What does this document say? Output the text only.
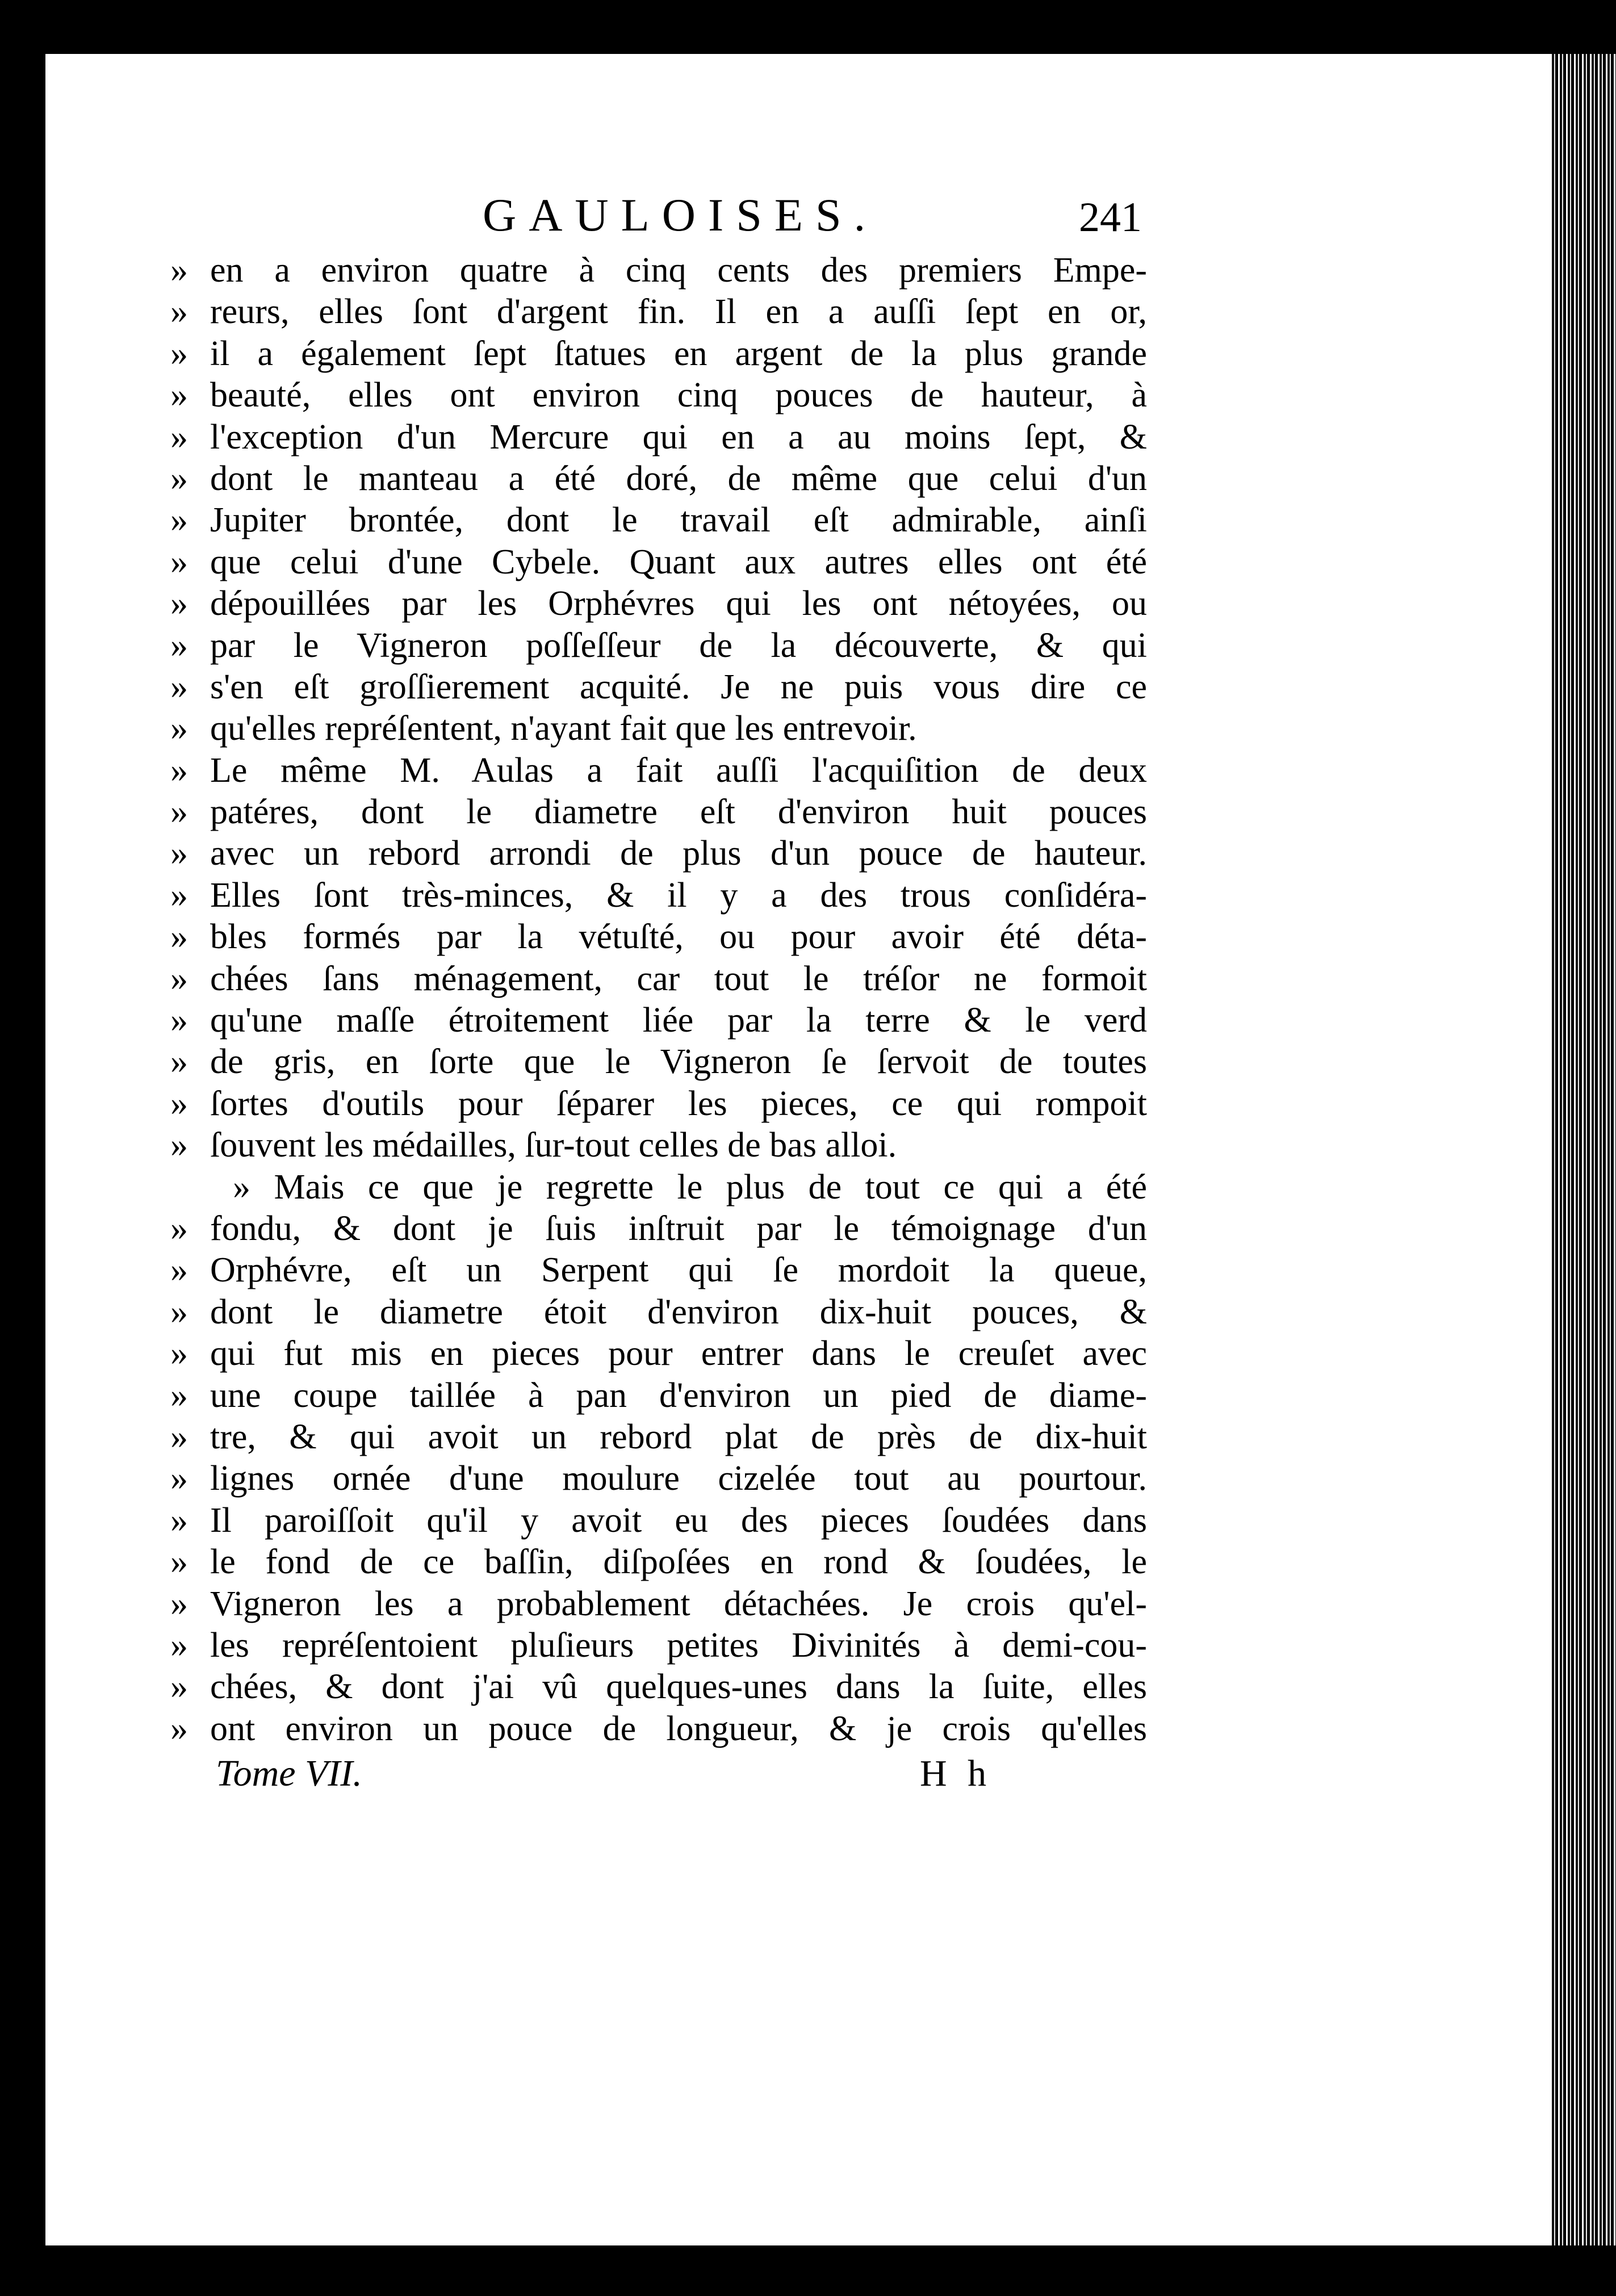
GAULOISES.	241
» en a environ quatre à cinq cents des premiers Empe-
» reurs, elles ſont d'argent fin. Il en a auſſi ſept en or,
» il a également ſept ſtatues en argent de la plus grande
» beauté, elles ont environ cinq pouces de hauteur, à
» l'exception d'un Mercure qui en a au moins ſept, &
» dont le manteau a été doré, de même que celui d'un
» Jupiter brontée, dont le travail eſt admirable, ainſi
» que celui d'une Cybele. Quant aux autres elles ont été
» dépouillées par les Orphévres qui les ont nétoyées, ou
» par le Vigneron poſſeſſeur de la découverte, & qui
» s'en eſt groſſierement acquité. Je ne puis vous dire ce
» qu'elles repréſentent, n'ayant fait que les entrevoir.
» Le même M. Aulas a fait auſſi l'acquiſition de deux
» patéres, dont le diametre eſt d'environ huit pouces
» avec un rebord arrondi de plus d'un pouce de hauteur.
» Elles ſont très-minces, & il y a des trous conſidéra-
» bles formés par la vétuſté, ou pour avoir été déta-
» chées ſans ménagement, car tout le tréſor ne formoit
» qu'une maſſe étroitement liée par la terre & le verd
» de gris, en ſorte que le Vigneron ſe ſervoit de toutes
» ſortes d'outils pour ſéparer les pieces, ce qui rompoit
» ſouvent les médailles, ſur-tout celles de bas alloi.
» Mais ce que je regrette le plus de tout ce qui a été
» fondu, & dont je ſuis inſtruit par le témoignage d'un
» Orphévre, eſt un Serpent qui ſe mordoit la queue,
» dont le diametre étoit d'environ dix-huit pouces, &
» qui fut mis en pieces pour entrer dans le creuſet avec
» une coupe taillée à pan d'environ un pied de diame-
» tre, & qui avoit un rebord plat de près de dix-huit
» lignes ornée d'une moulure cizelée tout au pourtour.
» Il paroiſſoit qu'il y avoit eu des pieces ſoudées dans
» le fond de ce baſſin, diſpoſées en rond & ſoudées, le
» Vigneron les a probablement détachées. Je crois qu'el-
» les repréſentoient pluſieurs petites Divinités à demi-cou-
» chées, & dont j'ai vû quelques-unes dans la ſuite, elles
» ont environ un pouce de longueur, & je crois qu'elles
Tome VII.	H h
